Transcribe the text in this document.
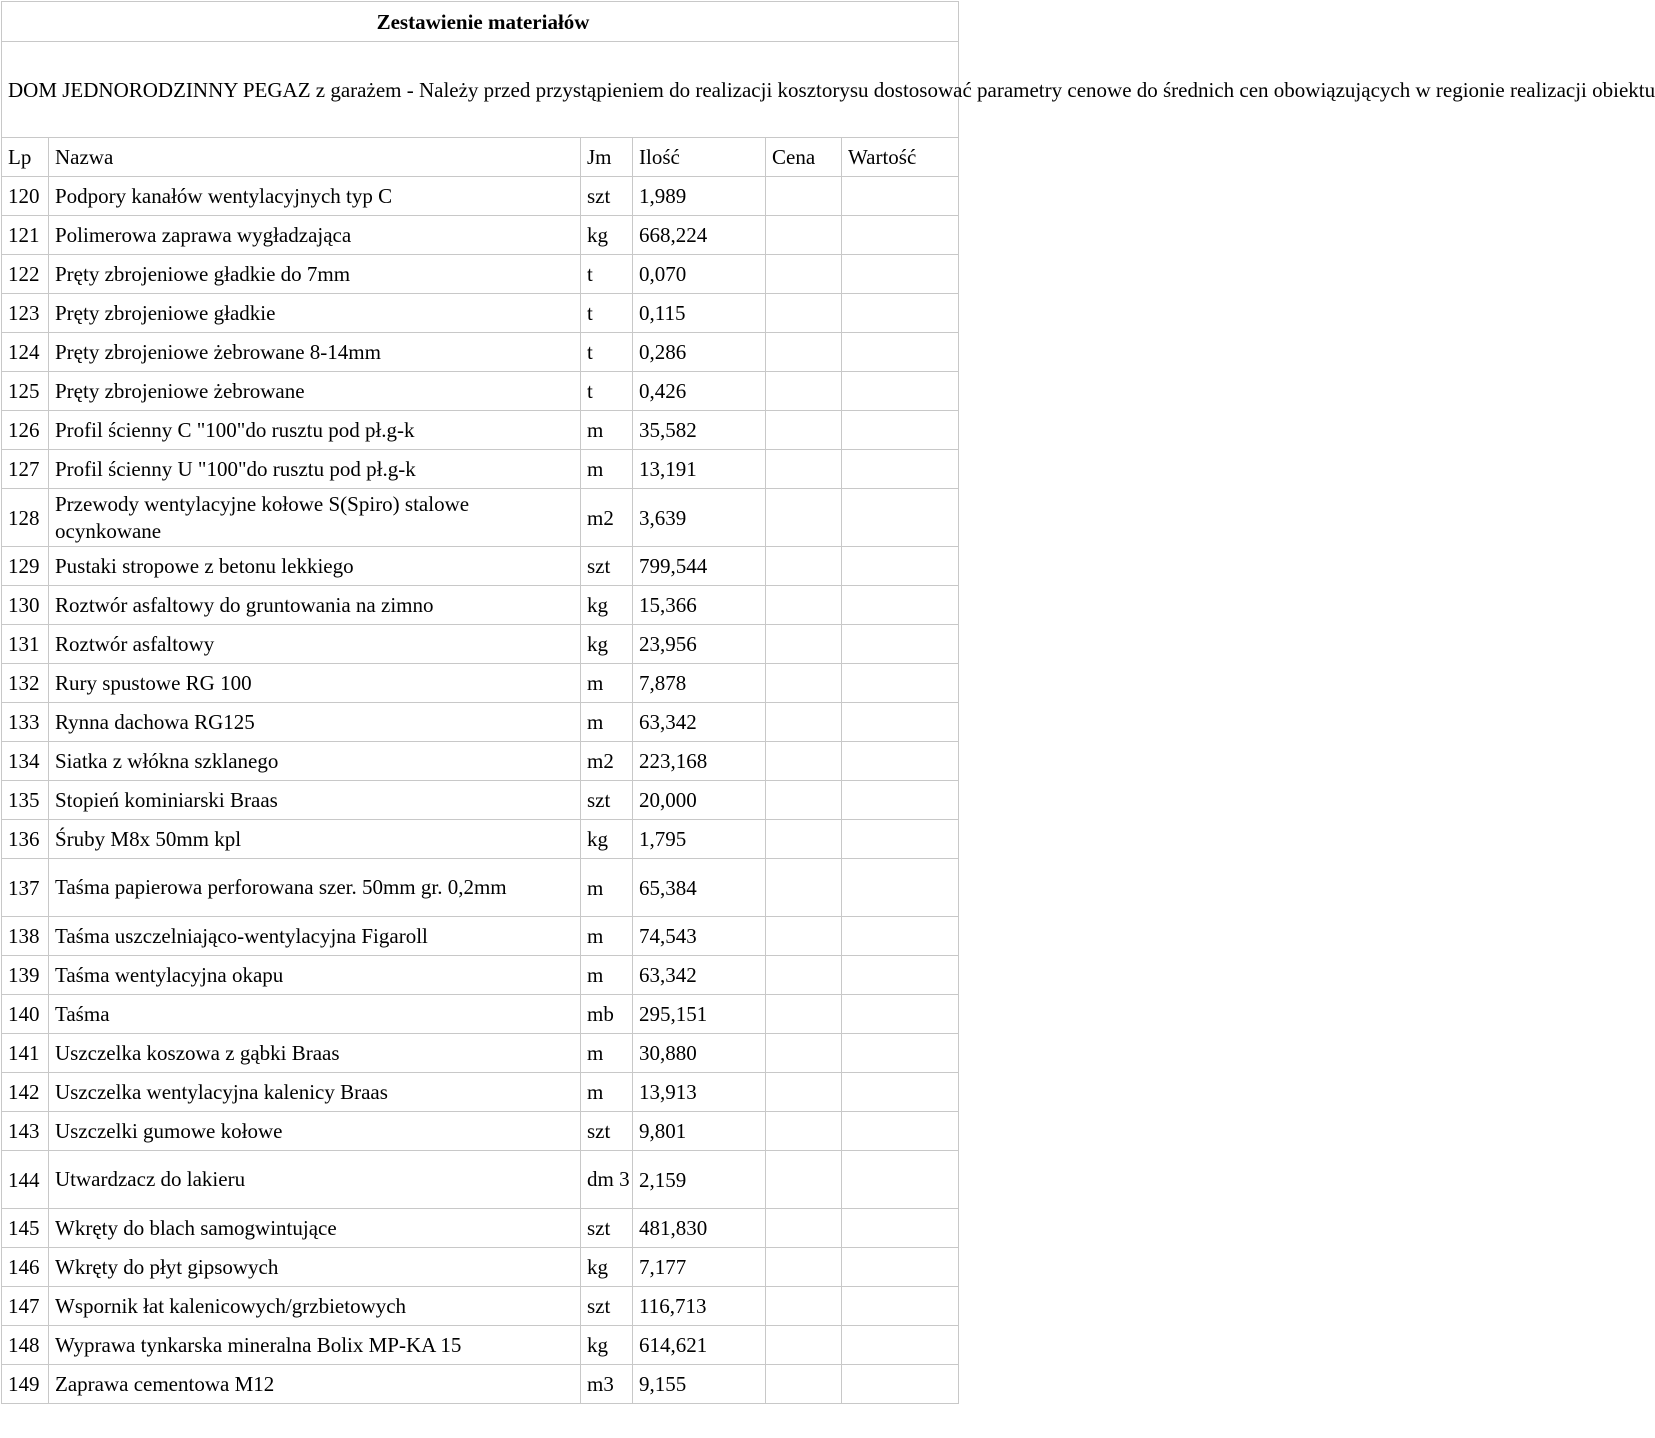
Zestawienie materiałów					
DOM JEDNORODZINNY PEGAZ z garażem - Należy przed przystąpieniem do realizacji kosztorysu dostosować parametry cenowe do średnich cen obowiązujących w regionie realizacji obiektu					
Lp	Nazwa	Jm	Ilość	Cena	Wartość
120	Podpory kanałów wentylacyjnych typ C	szt	1,989		
121	Polimerowa zaprawa wygładzająca	kg	668,224		
122	Pręty zbrojeniowe gładkie do 7mm	t	0,070		
123	Pręty zbrojeniowe gładkie	t	0,115		
124	Pręty zbrojeniowe żebrowane 8-14mm	t	0,286		
125	Pręty zbrojeniowe żebrowane	t	0,426		
126	Profil ścienny C "100"do rusztu pod pł.g-k	m	35,582		
127	Profil ścienny U "100"do rusztu pod pł.g-k	m	13,191		
128	Przewody wentylacyjne kołowe S(Spiro) stalowe ocynkowane	m2	3,639		
129	Pustaki stropowe z betonu lekkiego	szt	799,544		
130	Roztwór asfaltowy do gruntowania na zimno	kg	15,366		
131	Roztwór asfaltowy	kg	23,956		
132	Rury spustowe RG 100	m	7,878		
133	Rynna dachowa RG125	m	63,342		
134	Siatka z włókna szklanego	m2	223,168		
135	Stopień kominiarski Braas	szt	20,000		
136	Śruby M8x 50mm kpl	kg	1,795		
137	Taśma papierowa perforowana szer. 50mm gr. 0,2mm	m	65,384		
138	Taśma uszczelniająco-wentylacyjna Figaroll	m	74,543		
139	Taśma wentylacyjna okapu	m	63,342		
140	Taśma	mb	295,151		
141	Uszczelka koszowa z gąbki Braas	m	30,880		
142	Uszczelka wentylacyjna kalenicy Braas	m	13,913		
143	Uszczelki gumowe kołowe	szt	9,801		
144	Utwardzacz do lakieru	dm 3	2,159		
145	Wkręty do blach samogwintujące	szt	481,830		
146	Wkręty do płyt gipsowych	kg	7,177		
147	Wspornik łat kalenicowych/grzbietowych	szt	116,713		
148	Wyprawa tynkarska mineralna Bolix MP-KA 15	kg	614,621		
149	Zaprawa cementowa M12	m3	9,155		
